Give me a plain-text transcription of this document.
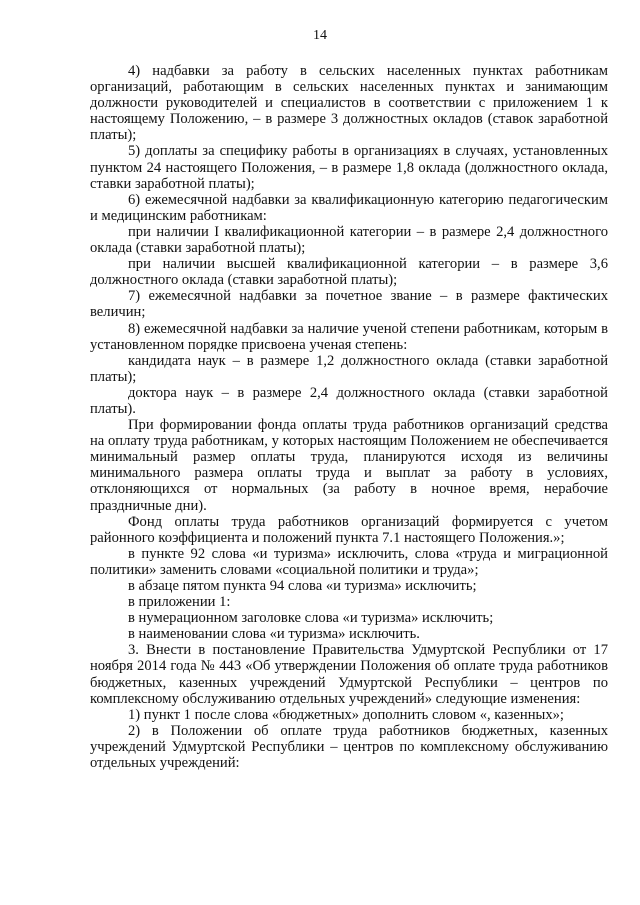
14

4) надбавки за работу в сельских населенных пунктах работникам организаций, работающим в сельских населенных пунктах и занимающим должности руководителей и специалистов в соответствии с приложением 1 к настоящему Положению, – в размере 3 должностных окладов (ставок заработной платы);

5) доплаты за специфику работы в организациях в случаях, установленных пунктом 24 настоящего Положения, – в размере 1,8 оклада (должностного оклада, ставки заработной платы);

6) ежемесячной надбавки за квалификационную категорию педагогическим и медицинским работникам:

при наличии I квалификационной категории – в размере 2,4 должностного оклада (ставки заработной платы);

при наличии высшей квалификационной категории – в размере 3,6 должностного оклада (ставки заработной платы);

7) ежемесячной надбавки за почетное звание – в размере фактических величин;

8) ежемесячной надбавки за наличие ученой степени работникам, которым в установленном порядке присвоена ученая степень:

кандидата наук – в размере 1,2 должностного оклада (ставки заработной платы);

доктора наук – в размере 2,4 должностного оклада (ставки заработной платы).

При формировании фонда оплаты труда работников организаций средства на оплату труда работникам, у которых настоящим Положением не обеспечивается минимальный размер оплаты труда, планируются исходя из величины минимального размера оплаты труда и выплат за работу в условиях, отклоняющихся от нормальных (за работу в ночное время, нерабочие праздничные дни).

Фонд оплаты труда работников организаций формируется с учетом районного коэффициента и положений пункта 7.1 настоящего Положения.»;

в пункте 92 слова «и туризма» исключить, слова «труда и миграционной политики» заменить словами «социальной политики и труда»;

в абзаце пятом пункта 94 слова «и туризма» исключить;

в приложении 1:

в нумерационном заголовке слова «и туризма» исключить;

в наименовании слова «и туризма» исключить.

3. Внести в постановление Правительства Удмуртской Республики от 17 ноября 2014 года № 443 «Об утверждении Положения об оплате труда работников бюджетных, казенных учреждений Удмуртской Республики – центров по комплексному обслуживанию отдельных учреждений» следующие изменения:

1) пункт 1 после слова «бюджетных» дополнить словом «, казенных»;

2) в Положении об оплате труда работников бюджетных, казенных учреждений Удмуртской Республики – центров по комплексному обслуживанию отдельных учреждений:
